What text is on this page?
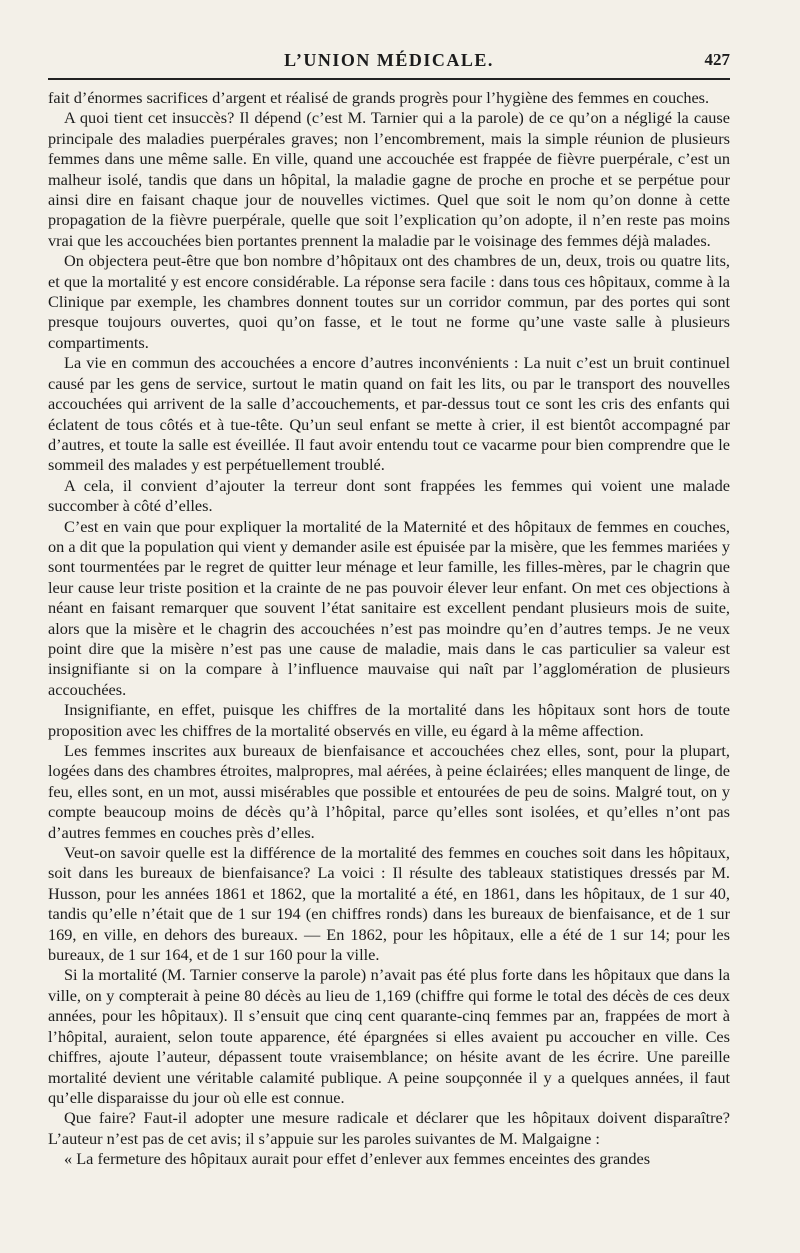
L’UNION MÉDICALE.	427

fait d’énormes sacrifices d’argent et réalisé de grands progrès pour l’hygiène des femmes en couches.

A quoi tient cet insuccès? Il dépend (c’est M. Tarnier qui a la parole) de ce qu’on a négligé la cause principale des maladies puerpérales graves; non l’encombrement, mais la simple réunion de plusieurs femmes dans une même salle. En ville, quand une accouchée est frappée de fièvre puerpérale, c’est un malheur isolé, tandis que dans un hôpital, la maladie gagne de proche en proche et se perpétue pour ainsi dire en faisant chaque jour de nouvelles victimes. Quel que soit le nom qu’on donne à cette propagation de la fièvre puerpérale, quelle que soit l’explication qu’on adopte, il n’en reste pas moins vrai que les accouchées bien portantes prennent la maladie par le voisinage des femmes déjà malades.

On objectera peut-être que bon nombre d’hôpitaux ont des chambres de un, deux, trois ou quatre lits, et que la mortalité y est encore considérable. La réponse sera facile : dans tous ces hôpitaux, comme à la Clinique par exemple, les chambres donnent toutes sur un corridor commun, par des portes qui sont presque toujours ouvertes, quoi qu’on fasse, et le tout ne forme qu’une vaste salle à plusieurs compartiments.

La vie en commun des accouchées a encore d’autres inconvénients : La nuit c’est un bruit continuel causé par les gens de service, surtout le matin quand on fait les lits, ou par le transport des nouvelles accouchées qui arrivent de la salle d’accouchements, et par-dessus tout ce sont les cris des enfants qui éclatent de tous côtés et à tue-tête. Qu’un seul enfant se mette à crier, il est bientôt accompagné par d’autres, et toute la salle est éveillée. Il faut avoir entendu tout ce vacarme pour bien comprendre que le sommeil des malades y est perpétuellement troublé.

A cela, il convient d’ajouter la terreur dont sont frappées les femmes qui voient une malade succomber à côté d’elles.

C’est en vain que pour expliquer la mortalité de la Maternité et des hôpitaux de femmes en couches, on a dit que la population qui vient y demander asile est épuisée par la misère, que les femmes mariées y sont tourmentées par le regret de quitter leur ménage et leur famille, les filles-mères, par le chagrin que leur cause leur triste position et la crainte de ne pas pouvoir élever leur enfant. On met ces objections à néant en faisant remarquer que souvent l’état sanitaire est excellent pendant plusieurs mois de suite, alors que la misère et le chagrin des accouchées n’est pas moindre qu’en d’autres temps. Je ne veux point dire que la misère n’est pas une cause de maladie, mais dans le cas particulier sa valeur est insignifiante si on la compare à l’influence mauvaise qui naît par l’agglomération de plusieurs accouchées.

Insignifiante, en effet, puisque les chiffres de la mortalité dans les hôpitaux sont hors de toute proposition avec les chiffres de la mortalité observés en ville, eu égard à la même affection.

Les femmes inscrites aux bureaux de bienfaisance et accouchées chez elles, sont, pour la plupart, logées dans des chambres étroites, malpropres, mal aérées, à peine éclairées; elles manquent de linge, de feu, elles sont, en un mot, aussi misérables que possible et entourées de peu de soins. Malgré tout, on y compte beaucoup moins de décès qu’à l’hôpital, parce qu’elles sont isolées, et qu’elles n’ont pas d’autres femmes en couches près d’elles.

Veut-on savoir quelle est la différence de la mortalité des femmes en couches soit dans les hôpitaux, soit dans les bureaux de bienfaisance? La voici : Il résulte des tableaux statistiques dressés par M. Husson, pour les années 1861 et 1862, que la mortalité a été, en 1861, dans les hôpitaux, de 1 sur 40, tandis qu’elle n’était que de 1 sur 194 (en chiffres ronds) dans les bureaux de bienfaisance, et de 1 sur 169, en ville, en dehors des bureaux. — En 1862, pour les hôpitaux, elle a été de 1 sur 14; pour les bureaux, de 1 sur 164, et de 1 sur 160 pour la ville.

Si la mortalité (M. Tarnier conserve la parole) n’avait pas été plus forte dans les hôpitaux que dans la ville, on y compterait à peine 80 décès au lieu de 1,169 (chiffre qui forme le total des décès de ces deux années, pour les hôpitaux). Il s’ensuit que cinq cent quarante-cinq femmes par an, frappées de mort à l’hôpital, auraient, selon toute apparence, été épargnées si elles avaient pu accoucher en ville. Ces chiffres, ajoute l’auteur, dépassent toute vraisemblance; on hésite avant de les écrire. Une pareille mortalité devient une véritable calamité publique. A peine soupçonnée il y a quelques années, il faut qu’elle disparaisse du jour où elle est connue.

Que faire? Faut-il adopter une mesure radicale et déclarer que les hôpitaux doivent disparaître? L’auteur n’est pas de cet avis; il s’appuie sur les paroles suivantes de M. Malgaigne :

« La fermeture des hôpitaux aurait pour effet d’enlever aux femmes enceintes des grandes
